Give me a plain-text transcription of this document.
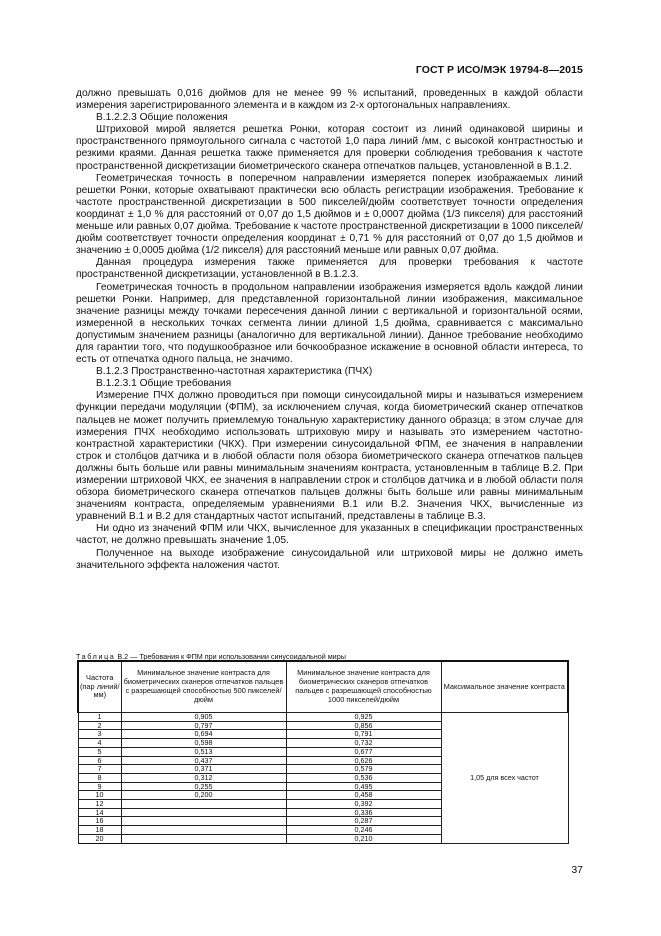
ГОСТ Р ИСО/МЭК 19794-8—2015

должно превышать 0,016 дюймов для не менее 99 % испытаний, проведенных в каждой области измерения зарегистрированного элемента и в каждом из 2-х ортогональных направлениях.

В.1.2.2.3 Общие положения

Штриховой мирой является решетка Ронки, которая состоит из линий одинаковой ширины и пространственного прямоугольного сигнала с частотой 1,0 пара линий /мм, с высокой контрастностью и резкими краями. Данная решетка также применяется для проверки соблюдения требования к частоте пространственной дискретизации биометрического сканера отпечатков пальцев, установленной в В.1.2.

Геометрическая точность в поперечном направлении измеряется поперек изображаемых линий решетки Ронки, которые охватывают практически всю область регистрации изображения. Требование к частоте пространственной дискретизации в 500 пикселей/дюйм соответствует точности определения координат ± 1,0 % для расстояний от 0,07 до 1,5 дюймов и ± 0,0007 дюйма (1/3 пикселя) для расстояний меньше или равных 0,07 дюйма. Требование к частоте пространственной дискретизации в 1000 пикселей/дюйм соответствует точности определения координат ± 0,71 % для расстояний от 0,07 до 1,5 дюймов и значению ± 0,0005 дюйма (1/2 пикселя) для расстояний меньше или равных 0,07 дюйма.

Данная процедура измерения также применяется для проверки требования к частоте пространственной дискретизации, установленной в В.1.2.3.

Геометрическая точность в продольном направлении изображения измеряется вдоль каждой линии решетки Ронки. Например, для представленной горизонтальной линии изображения, максимальное значение разницы между точками пересечения данной линии с вертикальной и горизонтальной осями, измеренной в нескольких точках сегмента линии длиной 1,5 дюйма, сравнивается с максимально допустимым значением разницы (аналогично для вертикальной линии). Данное требование необходимо для гарантии того, что подушкообразное или бочкообразное искажение в основной области интереса, то есть от отпечатка одного пальца, не значимо.

В.1.2.3 Пространственно-частотная характеристика (ПЧХ)

В.1.2.3.1 Общие требования

Измерение ПЧХ должно проводиться при помощи синусоидальной миры и называться измерением функции передачи модуляции (ФПМ), за исключением случая, когда биометрический сканер отпечатков пальцев не может получить приемлемую тональную характеристику данного образца; в этом случае для измерения ПЧХ необходимо использовать штриховую миру и называть это измерением частотно-контрастной характеристики (ЧКХ). При измерении синусоидальной ФПМ, ее значения в направлении строк и столбцов датчика и в любой области поля обзора биометрического сканера отпечатков пальцев должны быть больше или равны минимальным значениям контраста, установленным в таблице В.2. При измерении штриховой ЧКХ, ее значения в направлении строк и столбцов датчика и в любой области поля обзора биометрического сканера отпечатков пальцев должны быть больше или равны минимальным значениям контраста, определяемым уравнениями В.1 или В.2. Значения ЧКХ, вычисленные из уравнений В.1 и В.2 для стандартных частот испытаний, представлены в таблице В.3.

Ни одно из значений ФПМ или ЧКХ, вычисленное для указанных в спецификации пространственных частот, не должно превышать значение 1,05.

Полученное на выходе изображение синусоидальной или штриховой миры не должно иметь значительного эффекта наложения частот.

Таблица В.2 — Требования к ФПМ при использовании синусоидальной миры
Частота (пар линий/мм)	Минимальное значение контраста для биометрических сканеров отпечатков пальцев с разрешающей способностью 500 пикселей/дюйм	Минимальное значение контраста для биометрических сканеров отпечатков пальцев с разрешающей способностью 1000 пикселей/дюйм	Максимальное значение контраста
1	0,905	0,925	1,05 для всех частот
2	0,797	0,856	
3	0,694	0,791	
4	0,598	0,732	
5	0,513	0,677	
6	0,437	0,626	
7	0,371	0,579	
8	0,312	0,536	
9	0,255	0,495	
10	0,200	0,458	
12		0,392	
14		0,336	
16		0,287	
18		0,246	
20		0,210	
37
